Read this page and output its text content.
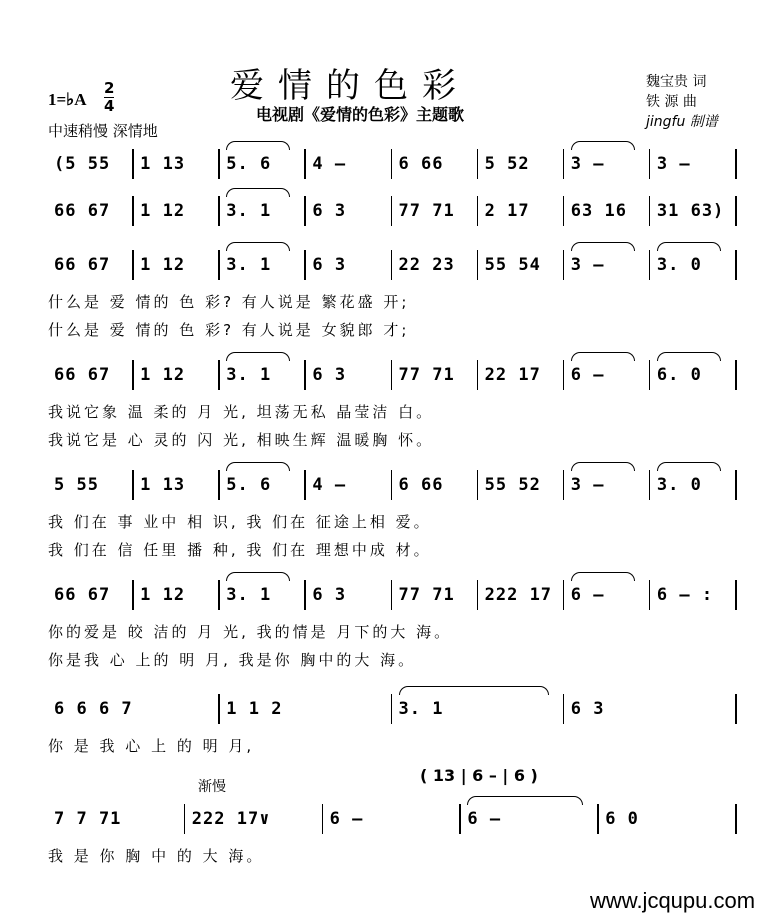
爱情的色彩
电视剧《爱情的色彩》主题歌
1=♭A
2
4
中速稍慢 深情地
魏宝贵 词
铁 源 曲
jingfu 制谱
(5 55	1 13	5. 6	4 –	6 66	5 52	3 –	3 –
66 67	1 12	3. 1	6 3	77 71	2 17	63 16	31 63)
66 67	1 12	3. 1	6 3	22 23	55 54	3 –	3. 0
什么是 爱 情的 色 彩? 有人说是 繁花盛 开;
什么是 爱 情的 色 彩? 有人说是 女貌郎 才;
66 67	1 12	3. 1	6 3	77 71	22 17	6 –	6. 0
我说它象 温 柔的 月 光, 坦荡无私 晶莹洁 白。
我说它是 心 灵的 闪 光, 相映生辉 温暖胸 怀。
5 55	1 13	5. 6	4 –	6 66	55 52	3 –	3. 0
我 们在 事 业中 相 识, 我 们在 征途上相 爱。
我 们在 信 任里 播 种, 我 们在 理想中成 材。
66 67	1 12	3. 1	6 3	77 71	222 17 6 –	6 – :
你的爱是 皎 洁的 月 光, 我的情是 月下的大 海。
你是我 心 上的 明 月, 我是你 胸中的大 海。
6 6 6 7	1 1 2	3. 1	6 3
你 是 我 心 上 的 明 月,
7 7 71	222 17∨	6 –	6 –	6 0
我 是 你 胸 中 的 大 海。
( 13 | 6 – | 6 )
渐慢
www.jcqupu.com
